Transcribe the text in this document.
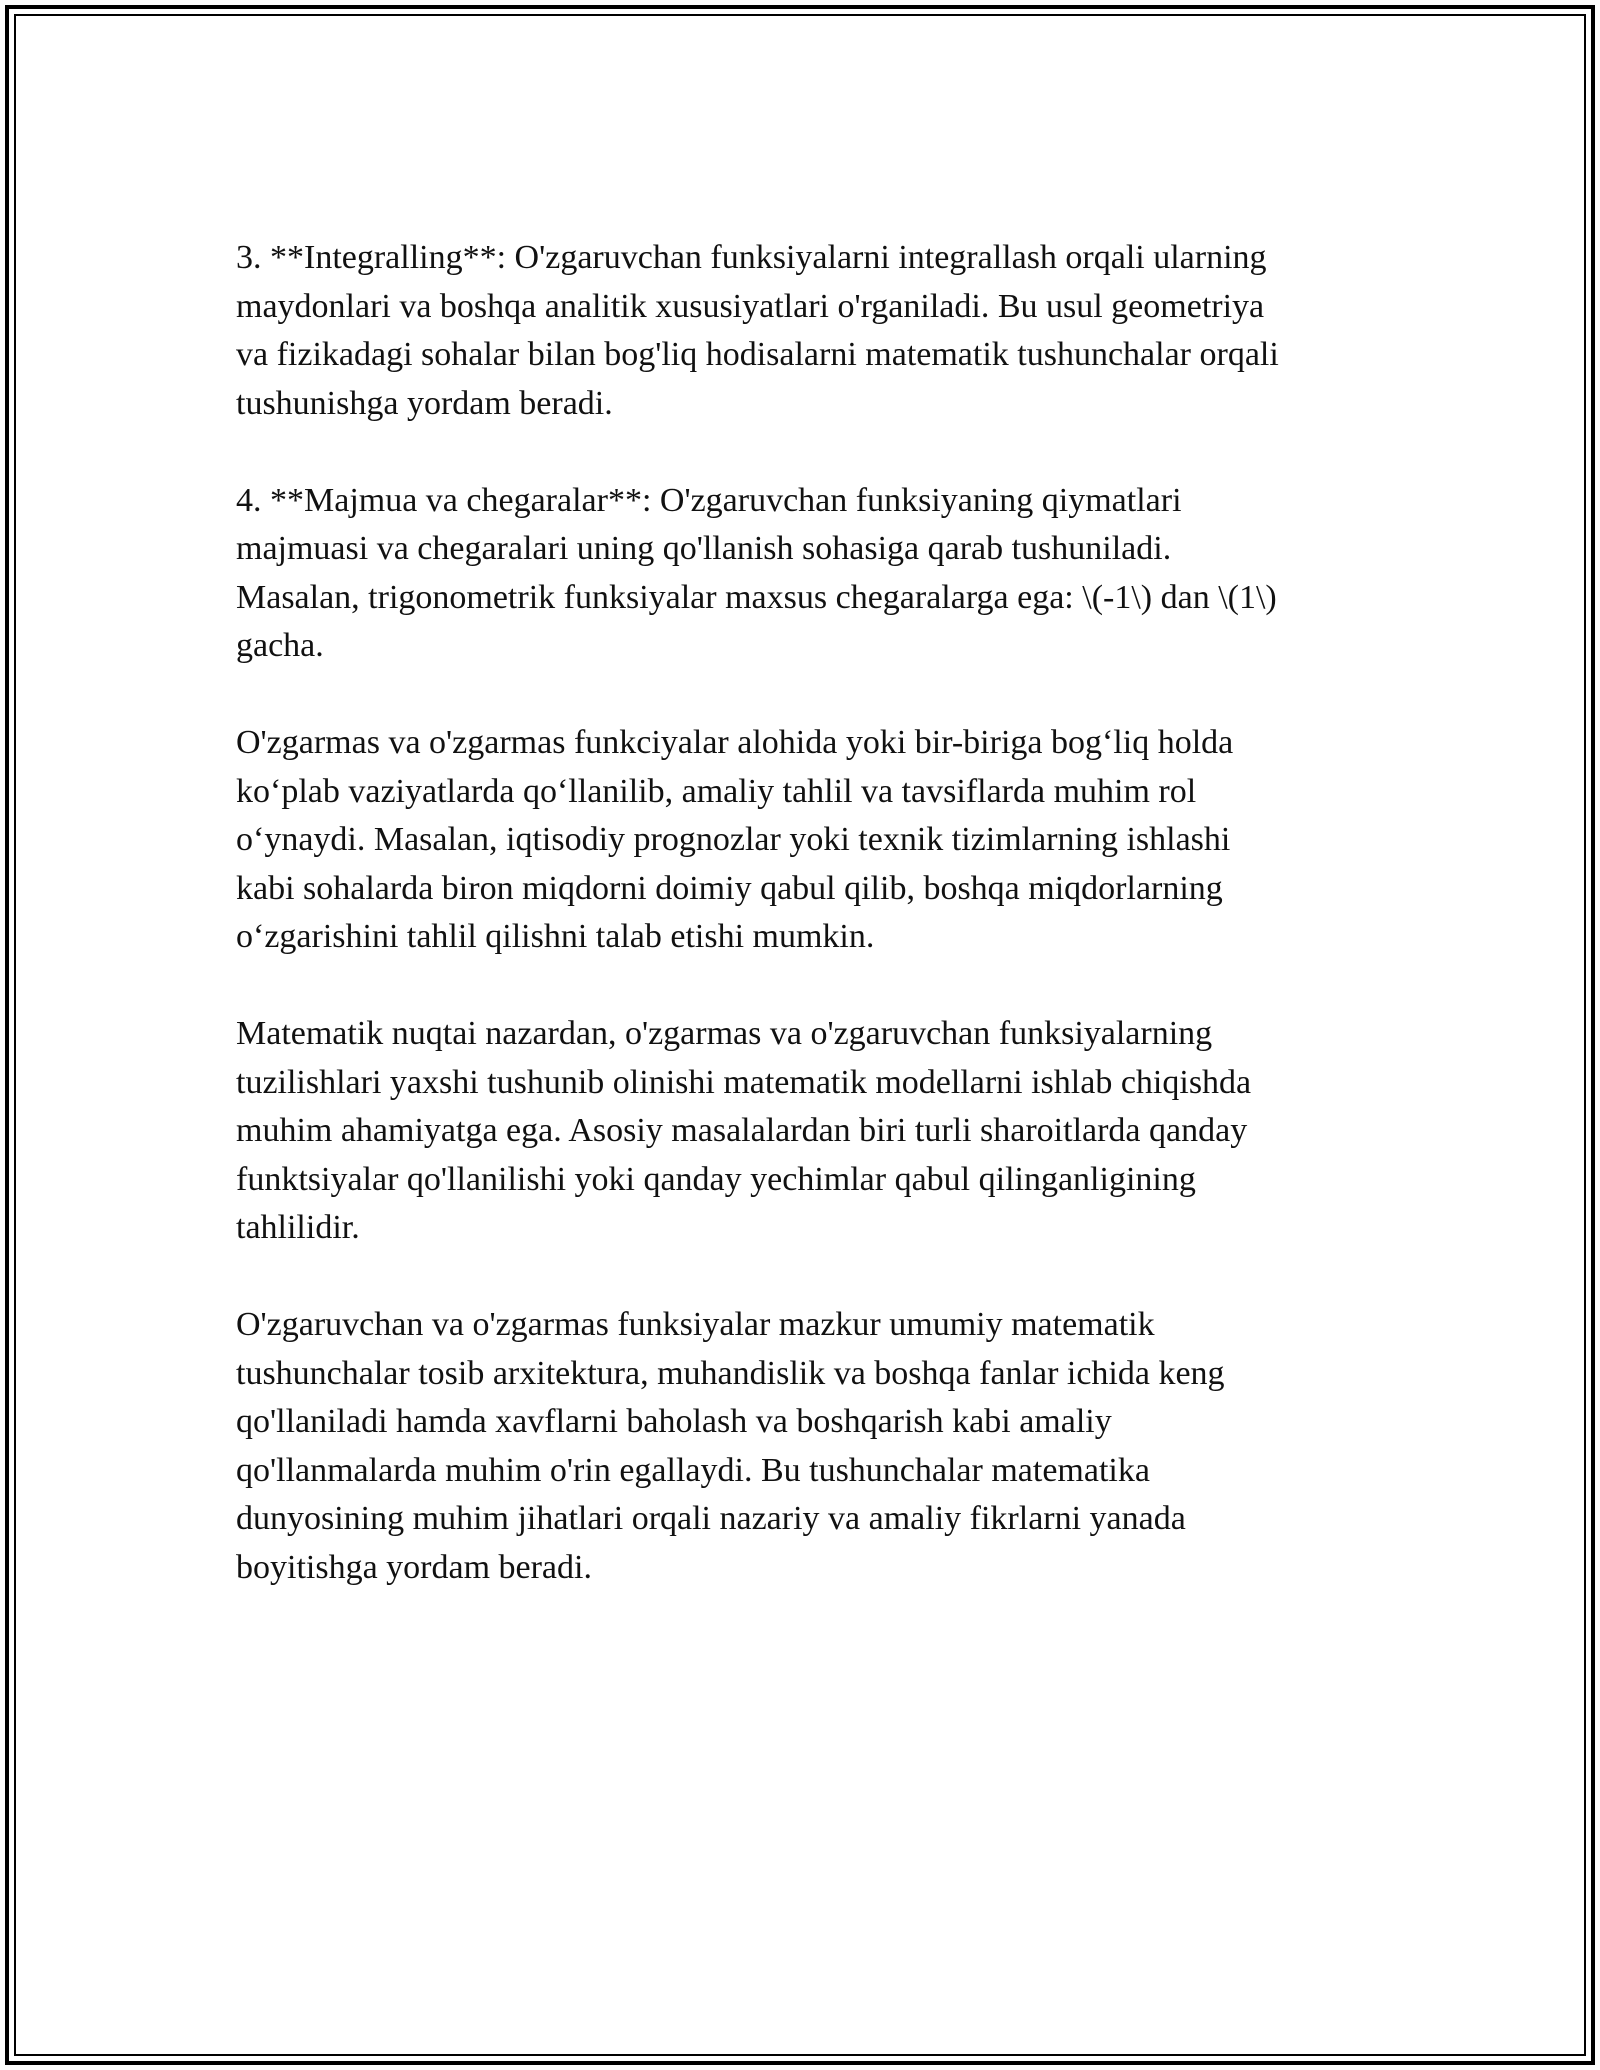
3. **Integralling**: O'zgaruvchan funksiyalarni integrallash orqali ularning
maydonlari va boshqa analitik xususiyatlari o'rganiladi. Bu usul geometriya
va fizikadagi sohalar bilan bog'liq hodisalarni matematik tushunchalar orqali
tushunishga yordam beradi.

4. **Majmua va chegaralar**: O'zgaruvchan funksiyaning qiymatlari
majmuasi va chegaralari uning qo'llanish sohasiga qarab tushuniladi.
Masalan, trigonometrik funksiyalar maxsus chegaralarga ega: \(-1\) dan \(1\)
gacha.

O'zgarmas va o'zgarmas funkciyalar alohida yoki bir-biriga bog‘liq holda
ko‘plab vaziyatlarda qo‘llanilib, amaliy tahlil va tavsiflarda muhim rol
o‘ynaydi. Masalan, iqtisodiy prognozlar yoki texnik tizimlarning ishlashi
kabi sohalarda biron miqdorni doimiy qabul qilib, boshqa miqdorlarning
o‘zgarishini tahlil qilishni talab etishi mumkin.

Matematik nuqtai nazardan, o'zgarmas va o'zgaruvchan funksiyalarning
tuzilishlari yaxshi tushunib olinishi matematik modellarni ishlab chiqishda
muhim ahamiyatga ega. Asosiy masalalardan biri turli sharoitlarda qanday
funktsiyalar qo'llanilishi yoki qanday yechimlar qabul qilinganligining
tahlilidir.

O'zgaruvchan va o'zgarmas funksiyalar mazkur umumiy matematik
tushunchalar tosib arxitektura, muhandislik va boshqa fanlar ichida keng
qo'llaniladi hamda xavflarni baholash va boshqarish kabi amaliy
qo'llanmalarda muhim o'rin egallaydi. Bu tushunchalar matematika
dunyosining muhim jihatlari orqali nazariy va amaliy fikrlarni yanada
boyitishga yordam beradi.
